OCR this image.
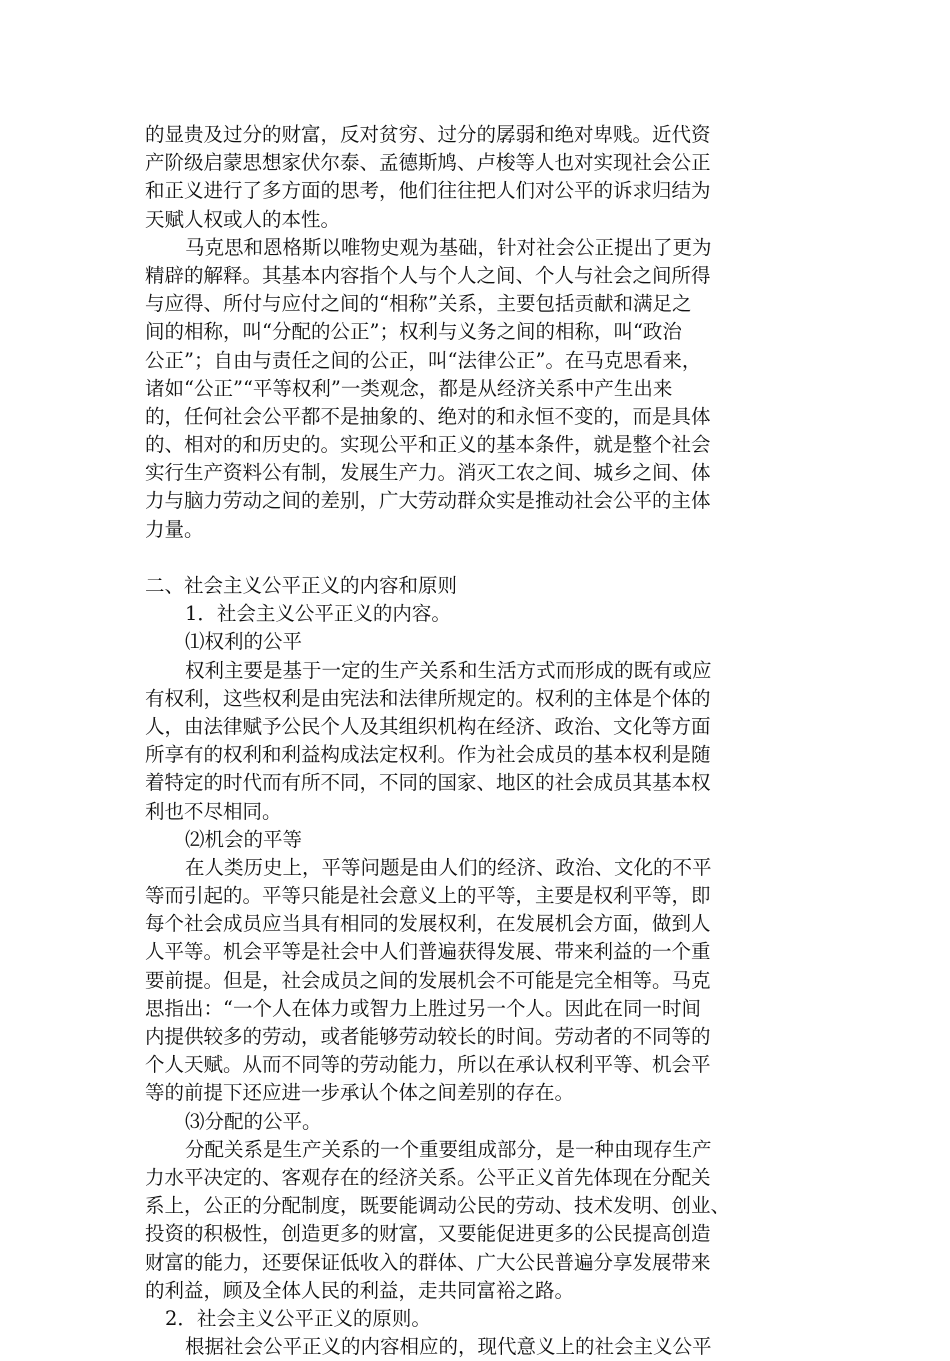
的显贵及过分的财富，反对贫穷、过分的孱弱和绝对卑贱。近代资
产阶级启蒙思想家伏尔泰、孟德斯鸠、卢梭等人也对实现社会公正
和正义进行了多方面的思考，他们往往把人们对公平的诉求归结为
天赋人权或人的本性。
马克思和恩格斯以唯物史观为基础，针对社会公正提出了更为
精辟的解释。其基本内容指个人与个人之间、个人与社会之间所得
与应得、所付与应付之间的“相称”关系，主要包括贡献和满足之
间的相称，叫“分配的公正”；权利与义务之间的相称，叫“政治
公正”；自由与责任之间的公正，叫“法律公正”。在马克思看来，
诸如“公正”“平等权利”一类观念，都是从经济关系中产生出来
的，任何社会公平都不是抽象的、绝对的和永恒不变的，而是具体
的、相对的和历史的。实现公平和正义的基本条件，就是整个社会
实行生产资料公有制，发展生产力。消灭工农之间、城乡之间、体
力与脑力劳动之间的差别，广大劳动群众实是推动社会公平的主体
力量。
二、社会主义公平正义的内容和原则
1．社会主义公平正义的内容。
⑴权利的公平
权利主要是基于一定的生产关系和生活方式而形成的既有或应
有权利，这些权利是由宪法和法律所规定的。权利的主体是个体的
人，由法律赋予公民个人及其组织机构在经济、政治、文化等方面
所享有的权利和利益构成法定权利。作为社会成员的基本权利是随
着特定的时代而有所不同，不同的国家、地区的社会成员其基本权
利也不尽相同。
⑵机会的平等
在人类历史上，平等问题是由人们的经济、政治、文化的不平
等而引起的。平等只能是社会意义上的平等，主要是权利平等，即
每个社会成员应当具有相同的发展权利，在发展机会方面，做到人
人平等。机会平等是社会中人们普遍获得发展、带来利益的一个重
要前提。但是，社会成员之间的发展机会不可能是完全相等。马克
思指出：“一个人在体力或智力上胜过另一个人。因此在同一时间
内提供较多的劳动，或者能够劳动较长的时间。劳动者的不同等的
个人天赋。从而不同等的劳动能力，所以在承认权利平等、机会平
等的前提下还应进一步承认个体之间差别的存在。
⑶分配的公平。
分配关系是生产关系的一个重要组成部分，是一种由现存生产
力水平决定的、客观存在的经济关系。公平正义首先体现在分配关
系上，公正的分配制度，既要能调动公民的劳动、技术发明、创业、
投资的积极性，创造更多的财富，又要能促进更多的公民提高创造
财富的能力，还要保证低收入的群体、广大公民普遍分享发展带来
的利益，顾及全体人民的利益，走共同富裕之路。
2．社会主义公平正义的原则。
根据社会公平正义的内容相应的，现代意义上的社会主义公平
